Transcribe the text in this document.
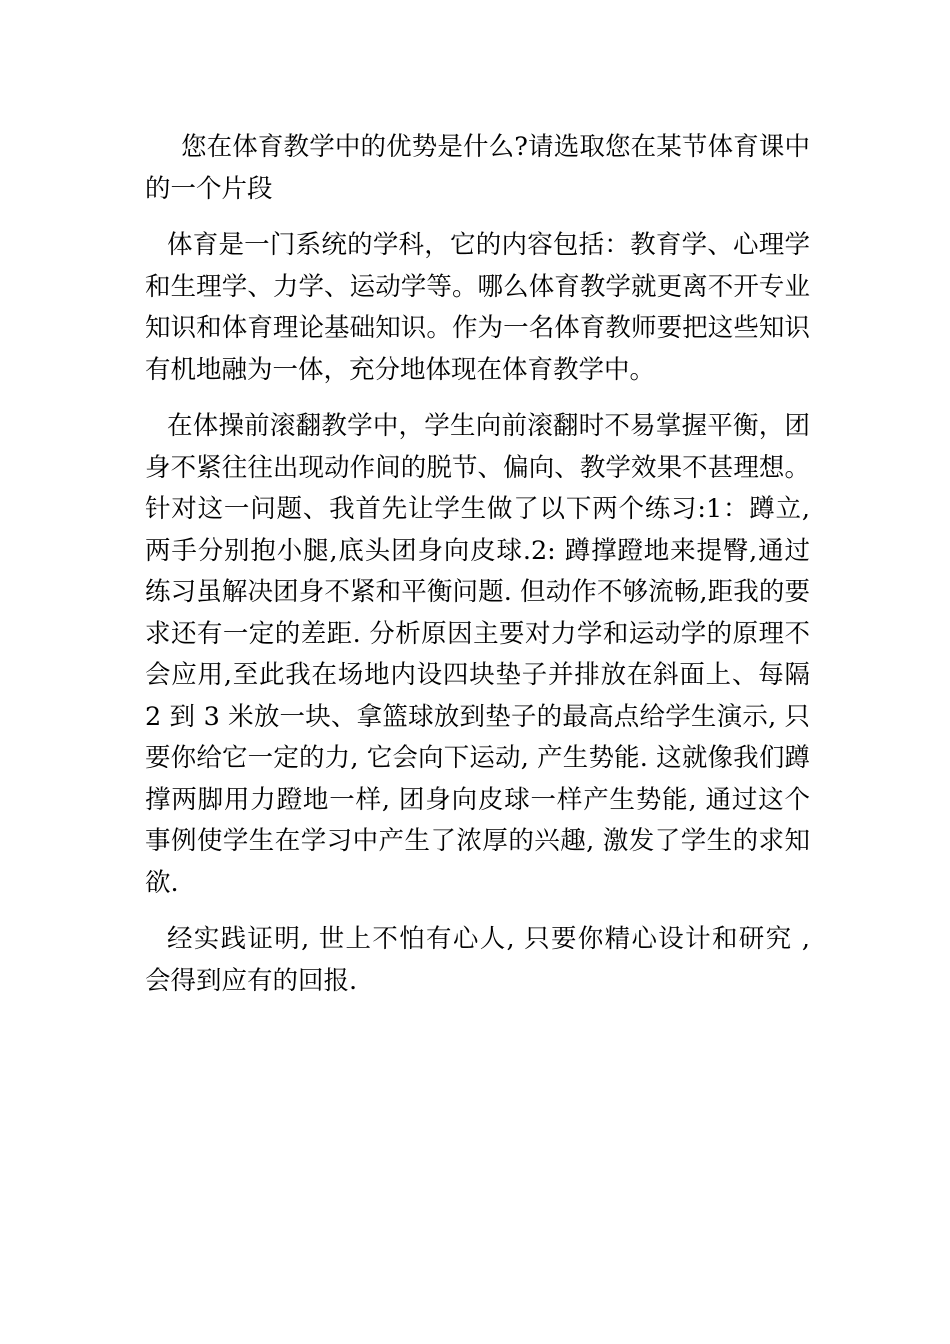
您在体育教学中的优势是什么?请选取您在某节体育课中的一个片段

体育是一门系统的学科，它的内容包括：教育学、心理学和生理学、力学、运动学等。哪么体育教学就更离不开专业知识和体育理论基础知识。作为一名体育教师要把这些知识有机地融为一体，充分地体现在体育教学中。

在体操前滚翻教学中，学生向前滚翻时不易掌握平衡，团身不紧往往出现动作间的脱节、偏向、教学效果不甚理想。针对这一问题、我首先让学生做了以下两个练习:1：蹲立,两手分别抱小腿,底头团身向皮球.2: 蹲撑蹬地来提臀,通过练习虽解决团身不紧和平衡问题. 但动作不够流畅,距我的要求还有一定的差距. 分析原因主要对力学和运动学的原理不会应用,至此我在场地内设四块垫子并排放在斜面上、每隔 2 到 3 米放一块、拿篮球放到垫子的最高点给学生演示, 只要你给它一定的力, 它会向下运动, 产生势能. 这就像我们蹲撑两脚用力蹬地一样, 团身向皮球一样产生势能, 通过这个事例使学生在学习中产生了浓厚的兴趣, 激发了学生的求知欲.

经实践证明, 世上不怕有心人, 只要你精心设计和研究 , 会得到应有的回报.
